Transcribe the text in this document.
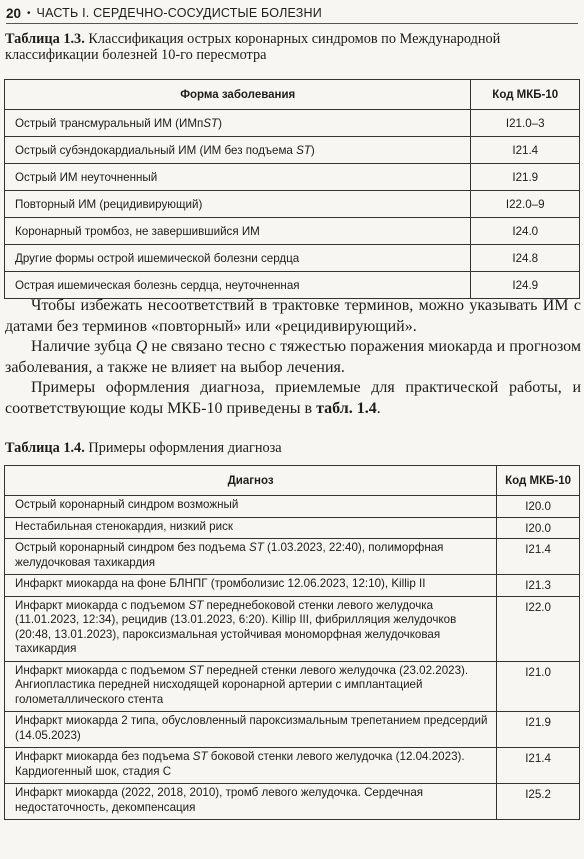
20 • ЧАСТЬ I. СЕРДЕЧНО-СОСУДИСТЫЕ БОЛЕЗНИ
Таблица 1.3. Классификация острых коронарных синдромов по Международной классификации болезней 10-го пересмотра
Форма заболевания	Код МКБ-10
Острый трансмуральный ИМ (ИМпST)	I21.0–3
Острый субэндокардиальный ИМ (ИМ без подъема ST)	I21.4
Острый ИМ неуточненный	I21.9
Повторный ИМ (рецидивирующий)	I22.0–9
Коронарный тромбоз, не завершившийся ИМ	I24.0
Другие формы острой ишемической болезни сердца	I24.8
Острая ишемическая болезнь сердца, неуточненная	I24.9

Чтобы избежать несоответствий в трактовке терминов, можно указывать ИМ с датами без терминов «повторный» или «рецидивирующий».

Наличие зубца Q не связано тесно с тяжестью поражения миокарда и прогнозом заболевания, а также не влияет на выбор лечения.

Примеры оформления диагноза, приемлемые для практической работы, и соответствующие коды МКБ-10 приведены в табл. 1.4.

Таблица 1.4. Примеры оформления диагноза
Диагноз	Код МКБ-10
Острый коронарный синдром возможный	I20.0
Нестабильная стенокардия, низкий риск	I20.0
Острый коронарный синдром без подъема ST (1.03.2023, 22:40), полиморфная желудочковая тахикардия	I21.4
Инфаркт миокарда на фоне БЛНПГ (тромболизис 12.06.2023, 12:10), Killip II	I21.3
Инфаркт миокарда с подъемом ST переднебоковой стенки левого желудочка (11.01.2023, 12:34), рецидив (13.01.2023, 6:20). Killip III, фибрилляция желудочков (20:48, 13.01.2023), пароксизмальная устойчивая мономорфная желудочковая тахикардия	I22.0
Инфаркт миокарда с подъемом ST передней стенки левого желудочка (23.02.2023). Ангиопластика передней нисходящей коронарной артерии с имплантацией голометаллического стента	I21.0
Инфаркт миокарда 2 типа, обусловленный пароксизмальным трепетанием предсердий (14.05.2023)	I21.9
Инфаркт миокарда без подъема ST боковой стенки левого желудочка (12.04.2023). Кардиогенный шок, стадия С	I21.4
Инфаркт миокарда (2022, 2018, 2010), тромб левого желудочка. Сердечная недостаточность, декомпенсация	I25.2
